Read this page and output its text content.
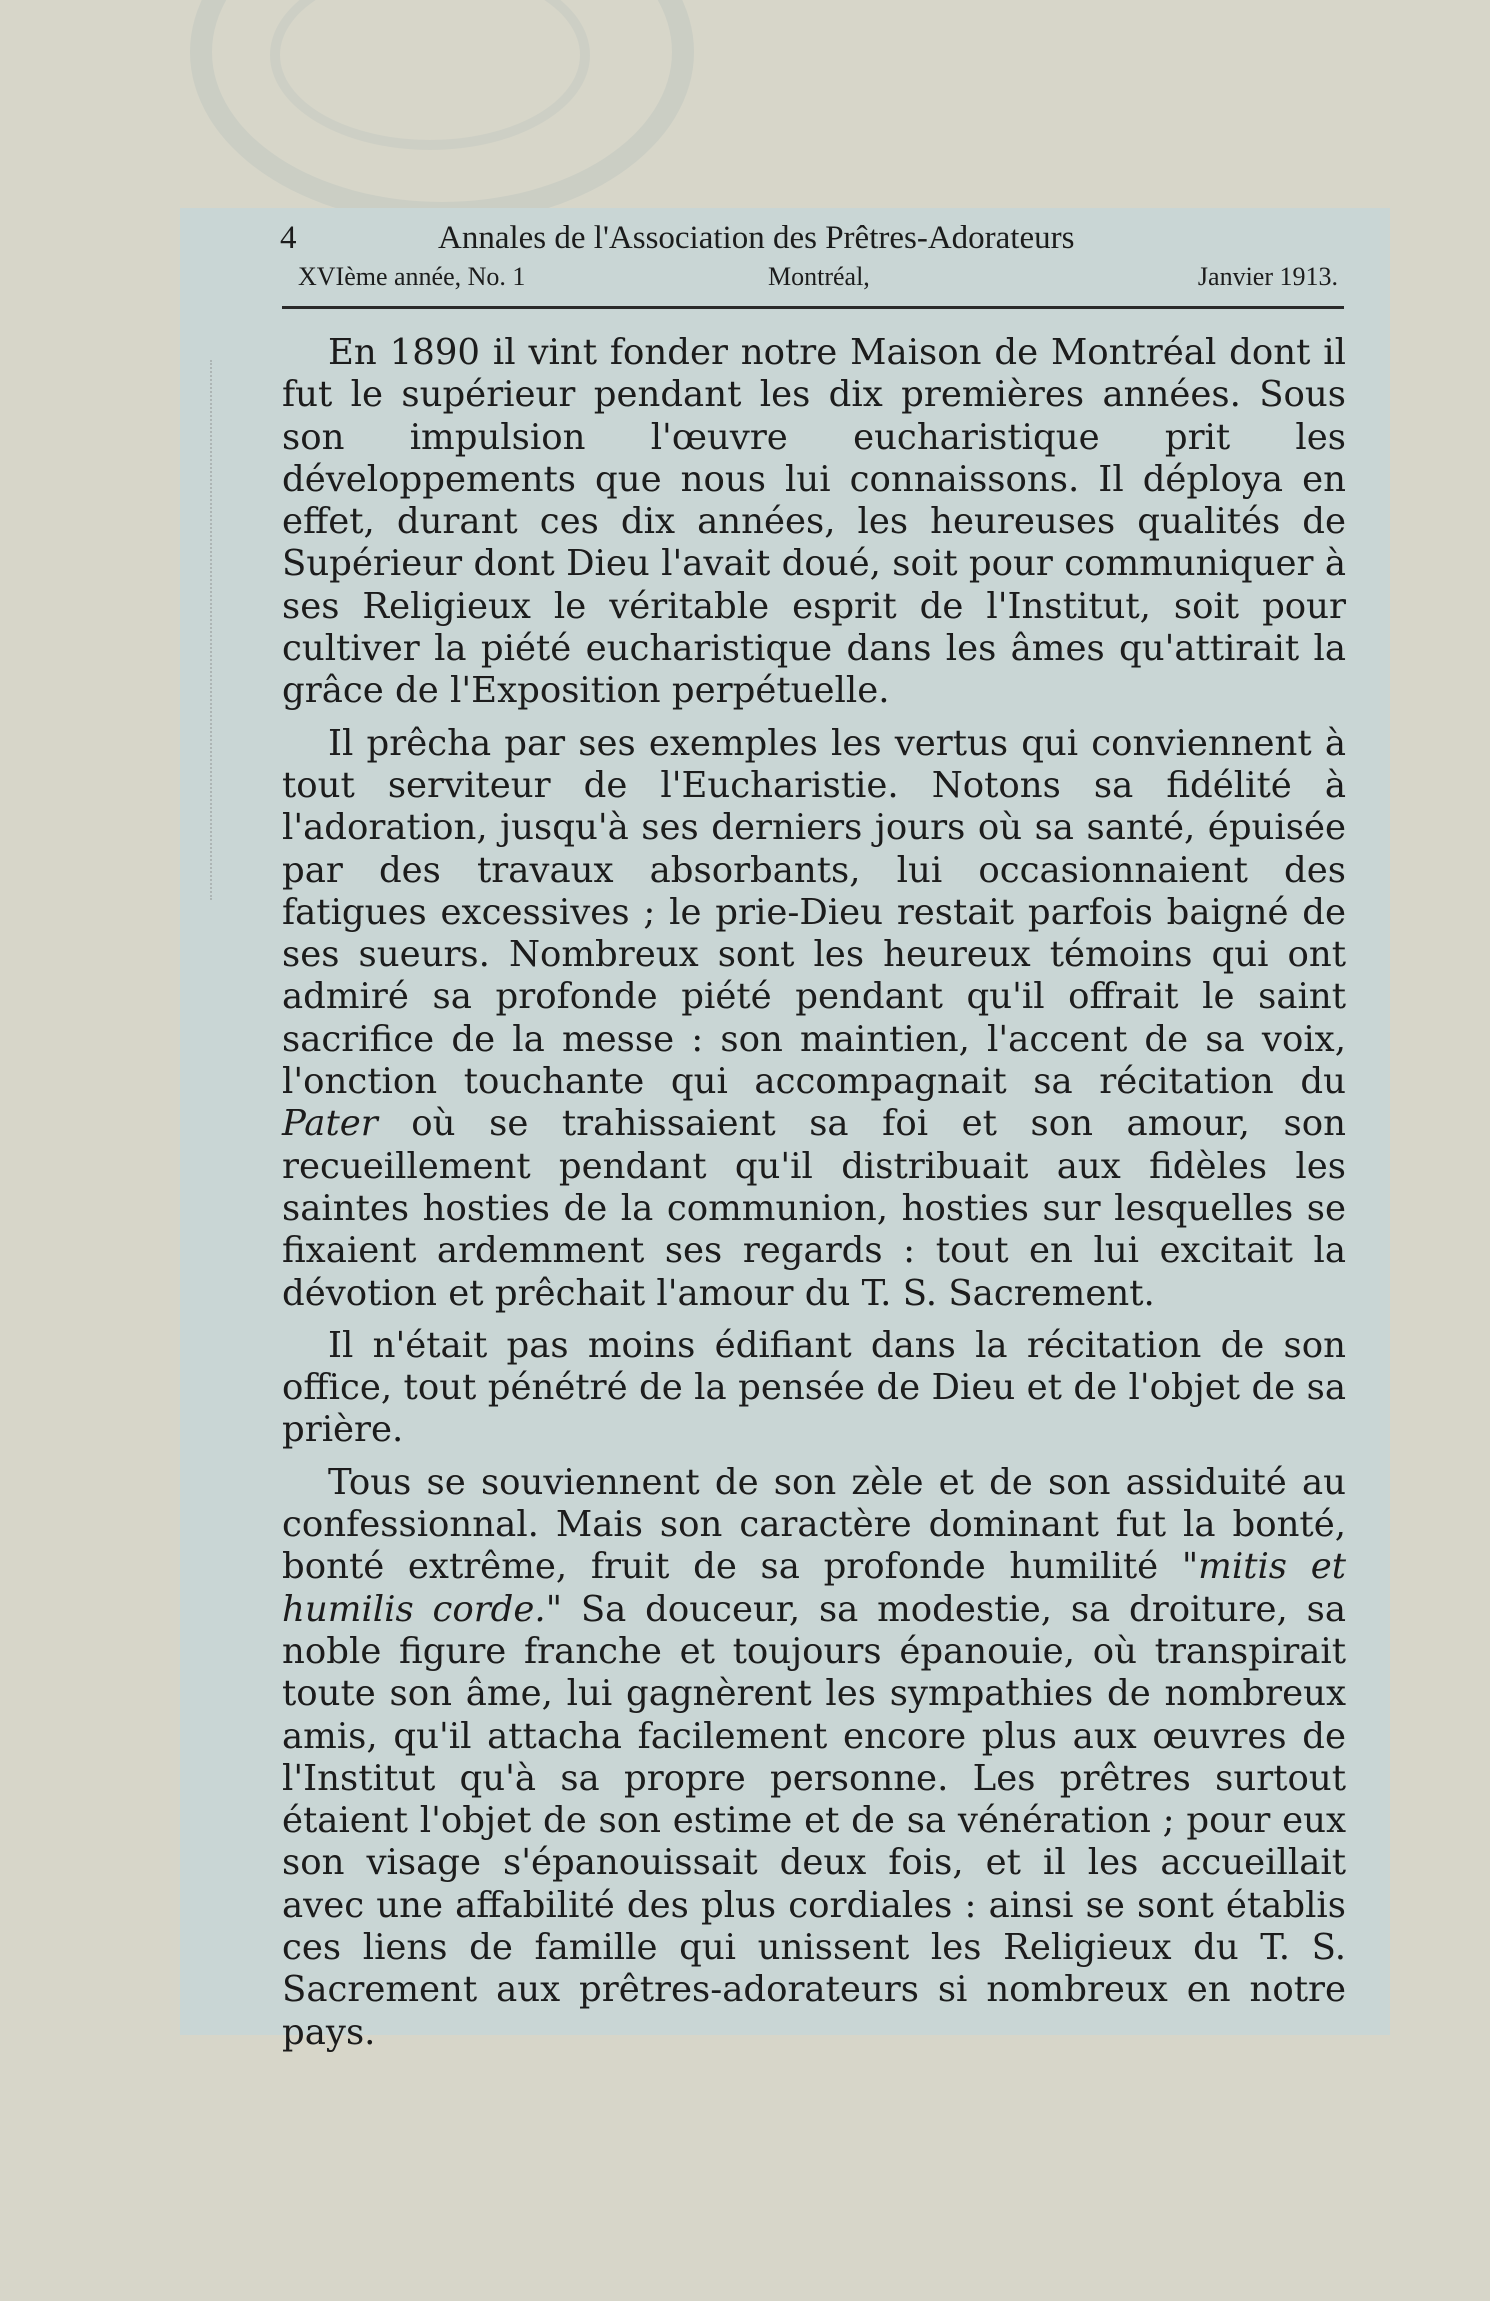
4	Annales de l'Association des Prêtres-Adorateurs
XVIème année, No. 1	Montréal,	Janvier 1913.

En 1890 il vint fonder notre Maison de Montréal dont il fut le supérieur pendant les dix premières années. Sous son impulsion l'œuvre eucharistique prit les développements que nous lui connaissons. Il déploya en effet, durant ces dix années, les heureuses qualités de Supérieur dont Dieu l'avait doué, soit pour communiquer à ses Religieux le véritable esprit de l'Institut, soit pour cultiver la piété eucharistique dans les âmes qu'attirait la grâce de l'Exposition perpétuelle.

Il prêcha par ses exemples les vertus qui conviennent à tout serviteur de l'Eucharistie. Notons sa fidélité à l'adoration, jusqu'à ses derniers jours où sa santé, épuisée par des travaux absorbants, lui occasionnaient des fatigues excessives ; le prie-Dieu restait parfois baigné de ses sueurs. Nombreux sont les heureux témoins qui ont admiré sa profonde piété pendant qu'il offrait le saint sacrifice de la messe : son maintien, l'accent de sa voix, l'onction touchante qui accompagnait sa récitation du Pater où se trahissaient sa foi et son amour, son recueillement pendant qu'il distribuait aux fidèles les saintes hosties de la communion, hosties sur lesquelles se fixaient ardemment ses regards : tout en lui excitait la dévotion et prêchait l'amour du T. S. Sacrement.

Il n'était pas moins édifiant dans la récitation de son office, tout pénétré de la pensée de Dieu et de l'objet de sa prière.

Tous se souviennent de son zèle et de son assiduité au confessionnal. Mais son caractère dominant fut la bonté, bonté extrême, fruit de sa profonde humilité "mitis et humilis corde." Sa douceur, sa modestie, sa droiture, sa noble figure franche et toujours épanouie, où transpirait toute son âme, lui gagnèrent les sympathies de nombreux amis, qu'il attacha facilement encore plus aux œuvres de l'Institut qu'à sa propre personne. Les prêtres surtout étaient l'objet de son estime et de sa vénération ; pour eux son visage s'épanouissait deux fois, et il les accueillait avec une affabilité des plus cordiales : ainsi se sont établis ces liens de famille qui unissent les Religieux du T. S. Sacrement aux prêtres-adorateurs si nombreux en notre pays.
